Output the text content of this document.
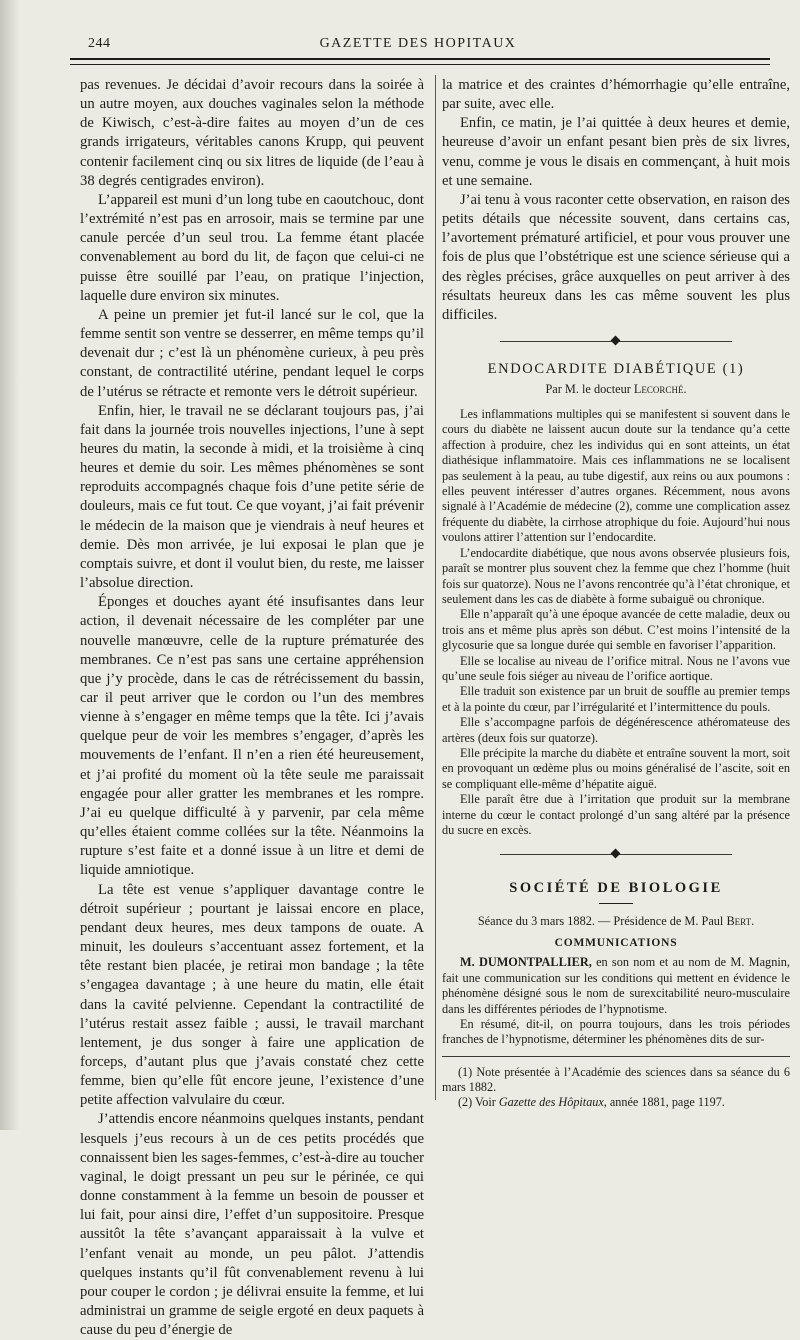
244	GAZETTE DES HOPITAUX

pas revenues. Je décidai d’avoir recours dans la soirée à un autre moyen, aux douches vaginales selon la méthode de Kiwisch, c’est-à-dire faites au moyen d’un de ces grands irrigateurs, véritables canons Krupp, qui peuvent contenir facilement cinq ou six litres de liquide (de l’eau à 38 degrés centigrades environ).

L’appareil est muni d’un long tube en caoutchouc, dont l’extrémité n’est pas en arrosoir, mais se termine par une canule percée d’un seul trou. La femme étant placée convenablement au bord du lit, de façon que celui-ci ne puisse être souillé par l’eau, on pratique l’injection, laquelle dure environ six minutes.

A peine un premier jet fut-il lancé sur le col, que la femme sentit son ventre se desserrer, en même temps qu’il devenait dur ; c’est là un phénomène curieux, à peu près constant, de contractilité utérine, pendant lequel le corps de l’utérus se rétracte et remonte vers le détroit supérieur.

Enfin, hier, le travail ne se déclarant toujours pas, j’ai fait dans la journée trois nouvelles injections, l’une à sept heures du matin, la seconde à midi, et la troisième à cinq heures et demie du soir. Les mêmes phénomènes se sont reproduits accompagnés chaque fois d’une petite série de douleurs, mais ce fut tout. Ce que voyant, j’ai fait prévenir le médecin de la maison que je viendrais à neuf heures et demie. Dès mon arrivée, je lui exposai le plan que je comptais suivre, et dont il voulut bien, du reste, me laisser l’absolue direction.

Éponges et douches ayant été insufisantes dans leur action, il devenait nécessaire de les compléter par une nouvelle manœuvre, celle de la rupture prématurée des membranes. Ce n’est pas sans une certaine appréhension que j’y procède, dans le cas de rétrécissement du bassin, car il peut arriver que le cordon ou l’un des membres vienne à s’engager en même temps que la tête. Ici j’avais quelque peur de voir les membres s’engager, d’après les mouvements de l’enfant. Il n’en a rien été heureusement, et j’ai profité du moment où la tête seule me paraissait engagée pour aller gratter les membranes et les rompre. J’ai eu quelque difficulté à y parvenir, par cela même qu’elles étaient comme collées sur la tête. Néanmoins la rupture s’est faite et a donné issue à un litre et demi de liquide amniotique.

La tête est venue s’appliquer davantage contre le détroit supérieur ; pourtant je laissai encore en place, pendant deux heures, mes deux tampons de ouate. A minuit, les douleurs s’accentuant assez fortement, et la tête restant bien placée, je retirai mon bandage ; la tête s’engagea davantage ; à une heure du matin, elle était dans la cavité pelvienne. Cependant la contractilité de l’utérus restait assez faible ; aussi, le travail marchant lentement, je dus songer à faire une application de forceps, d’autant plus que j’avais constaté chez cette femme, bien qu’elle fût encore jeune, l’existence d’une petite affection valvulaire du cœur.

J’attendis encore néanmoins quelques instants, pendant lesquels j’eus recours à un de ces petits procédés que connaissent bien les sages-femmes, c’est-à-dire au toucher vaginal, le doigt pressant un peu sur le périnée, ce qui donne constamment à la femme un besoin de pousser et lui fait, pour ainsi dire, l’effet d’un suppositoire. Presque aussitôt la tête s’avançant apparaissait à la vulve et l’enfant venait au monde, un peu pâlot. J’attendis quelques instants qu’il fût convenablement revenu à lui pour couper le cordon ; je délivrai ensuite la femme, et lui administrai un gramme de seigle ergoté en deux paquets à cause du peu d’énergie de

la matrice et des craintes d’hémorrhagie qu’elle entraîne, par suite, avec elle.

Enfin, ce matin, je l’ai quittée à deux heures et demie, heureuse d’avoir un enfant pesant bien près de six livres, venu, comme je vous le disais en commençant, à huit mois et une semaine.

J’ai tenu à vous raconter cette observation, en raison des petits détails que nécessite souvent, dans certains cas, l’avortement prématuré artificiel, et pour vous prouver une fois de plus que l’obstétrique est une science sérieuse qui a des règles précises, grâce auxquelles on peut arriver à des résultats heureux dans les cas même souvent les plus difficiles.

ENDOCARDITE DIABÉTIQUE (1)
Par M. le docteur Lecorché.

Les inflammations multiples qui se manifestent si souvent dans le cours du diabète ne laissent aucun doute sur la tendance qu’a cette affection à produire, chez les individus qui en sont atteints, un état diathésique inflammatoire. Mais ces inflammations ne se localisent pas seulement à la peau, au tube digestif, aux reins ou aux poumons : elles peuvent intéresser d’autres organes. Récemment, nous avons signalé à l’Académie de médecine (2), comme une complication assez fréquente du diabète, la cirrhose atrophique du foie. Aujourd’hui nous voulons attirer l’attention sur l’endocardite.

L’endocardite diabétique, que nous avons observée plusieurs fois, paraît se montrer plus souvent chez la femme que chez l’homme (huit fois sur quatorze). Nous ne l’avons rencontrée qu’à l’état chronique, et seulement dans les cas de diabète à forme subaiguë ou chronique.

Elle n’apparaît qu’à une époque avancée de cette maladie, deux ou trois ans et même plus après son début. C’est moins l’intensité de la glycosurie que sa longue durée qui semble en favoriser l’apparition.

Elle se localise au niveau de l’orifice mitral. Nous ne l’avons vue qu’une seule fois siéger au niveau de l’orifice aortique.

Elle traduit son existence par un bruit de souffle au premier temps et à la pointe du cœur, par l’irrégularité et l’intermittence du pouls.

Elle s’accompagne parfois de dégénérescence athéromateuse des artères (deux fois sur quatorze).

Elle précipite la marche du diabète et entraîne souvent la mort, soit en provoquant un œdème plus ou moins généralisé de l’ascite, soit en se compliquant elle-même d’hépatite aiguë.

Elle paraît être due à l’irritation que produit sur la membrane interne du cœur le contact prolongé d’un sang altéré par la présence du sucre en excès.

SOCIÉTÉ DE BIOLOGIE
Séance du 3 mars 1882. — Présidence de M. Paul Bert.
COMMUNICATIONS

M. DUMONTPALLIER, en son nom et au nom de M. Magnin, fait une communication sur les conditions qui mettent en évidence le phénomène désigné sous le nom de surexcitabilité neuro-musculaire dans les différentes périodes de l’hypnotisme.

En résumé, dit-il, on pourra toujours, dans les trois périodes franches de l’hypnotisme, déterminer les phénomènes dits de sur-

(1) Note présentée à l’Académie des sciences dans sa séance du 6 mars 1882.

(2) Voir Gazette des Hôpitaux, année 1881, page 1197.
